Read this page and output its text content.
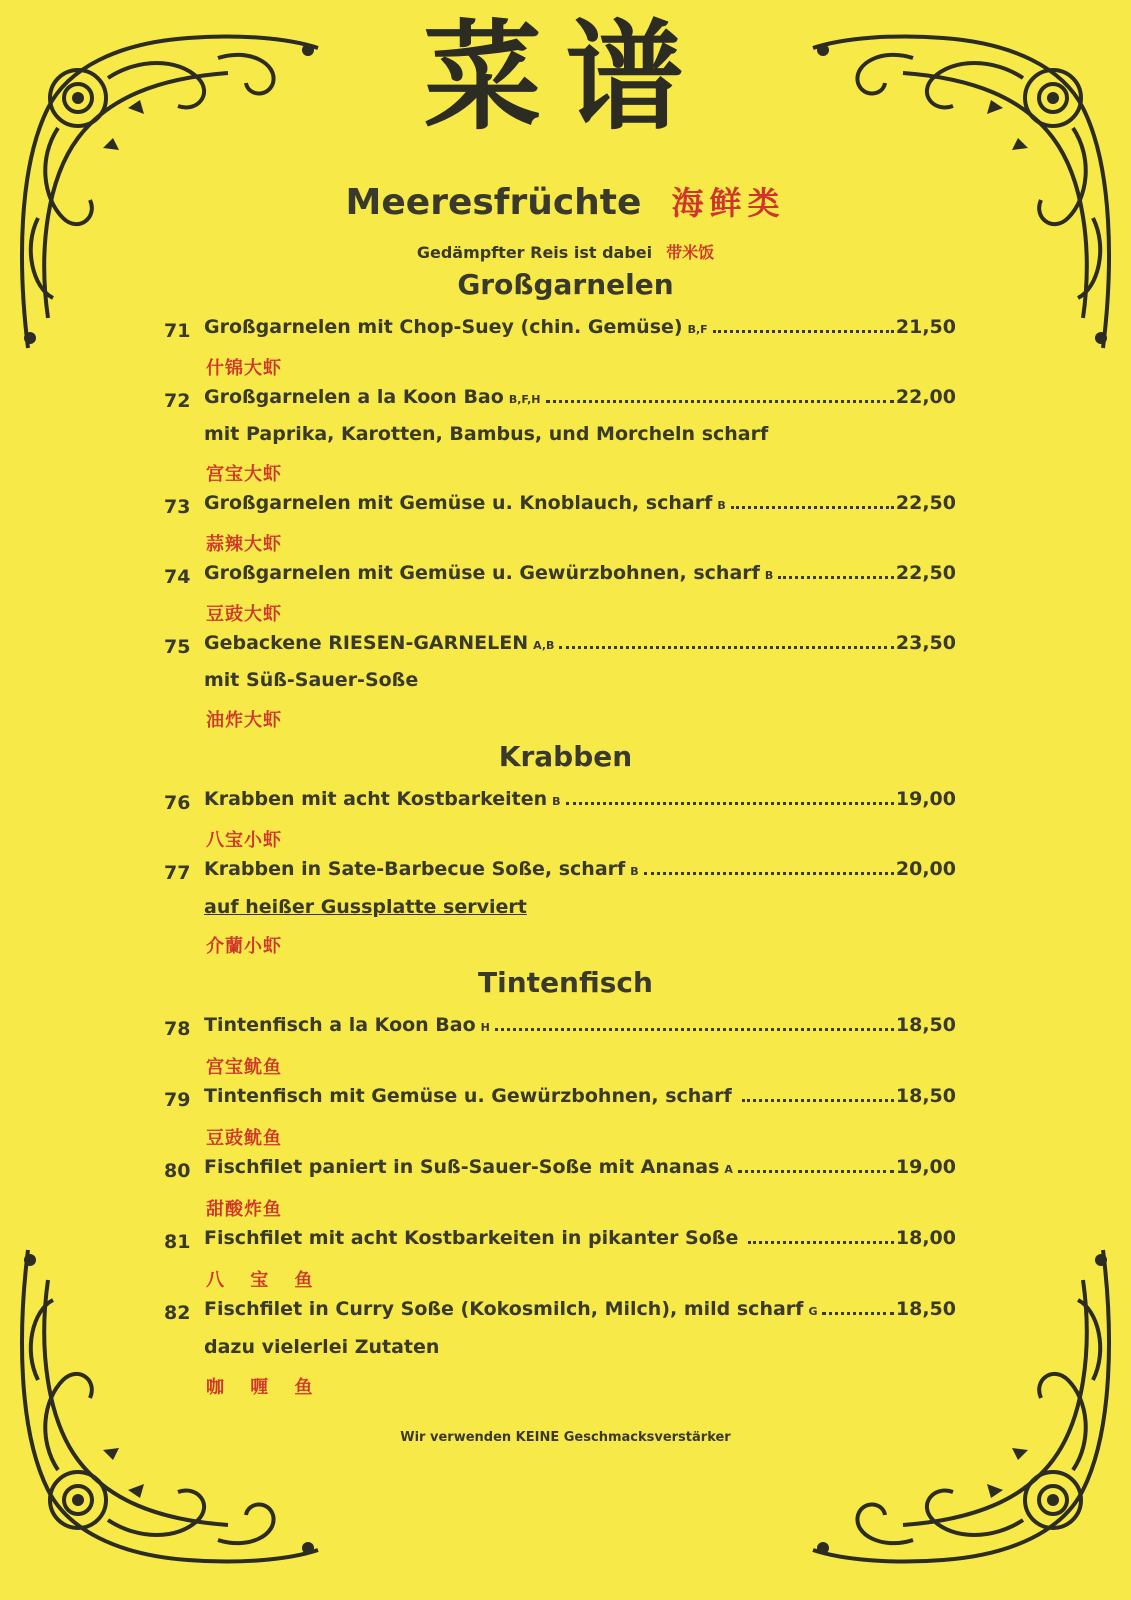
菜谱
Meeresfrüchte 海鲜类
Gedämpfter Reis ist dabei 带米饭
Großgarnelen
Krabben
Tintenfisch
71 Großgarnelen mit Chop-Suey (chin. Gemüse) B,F	21,50
什锦大虾
72 Großgarnelen a la Koon Bao B,F,H	22,00
mit Paprika, Karotten, Bambus, und Morcheln scharf
宫宝大虾
73 Großgarnelen mit Gemüse u. Knoblauch, scharf B	22,50
蒜辣大虾
74 Großgarnelen mit Gemüse u. Gewürzbohnen, scharf B	22,50
豆豉大虾
75 Gebackene RIESEN-GARNELEN A,B	23,50
mit Süß-Sauer-Soße
油炸大虾
76 Krabben mit acht Kostbarkeiten B	19,00
八宝小虾
77 Krabben in Sate-Barbecue Soße, scharf B	20,00
auf heißer Gussplatte serviert
介蘭小虾
78 Tintenfisch a la Koon Bao H	18,50
宫宝鱿鱼
79 Tintenfisch mit Gemüse u. Gewürzbohnen, scharf	18,50
豆豉鱿鱼
80 Fischfilet paniert in Suß-Sauer-Soße mit Ananas A	19,00
甜酸炸鱼
81 Fischfilet mit acht Kostbarkeiten in pikanter Soße	18,00
八 宝 鱼
82 Fischfilet in Curry Soße (Kokosmilch, Milch), mild scharf G	18,50
dazu vielerlei Zutaten
咖 喱 鱼
Wir verwenden KEINE Geschmacksverstärker
